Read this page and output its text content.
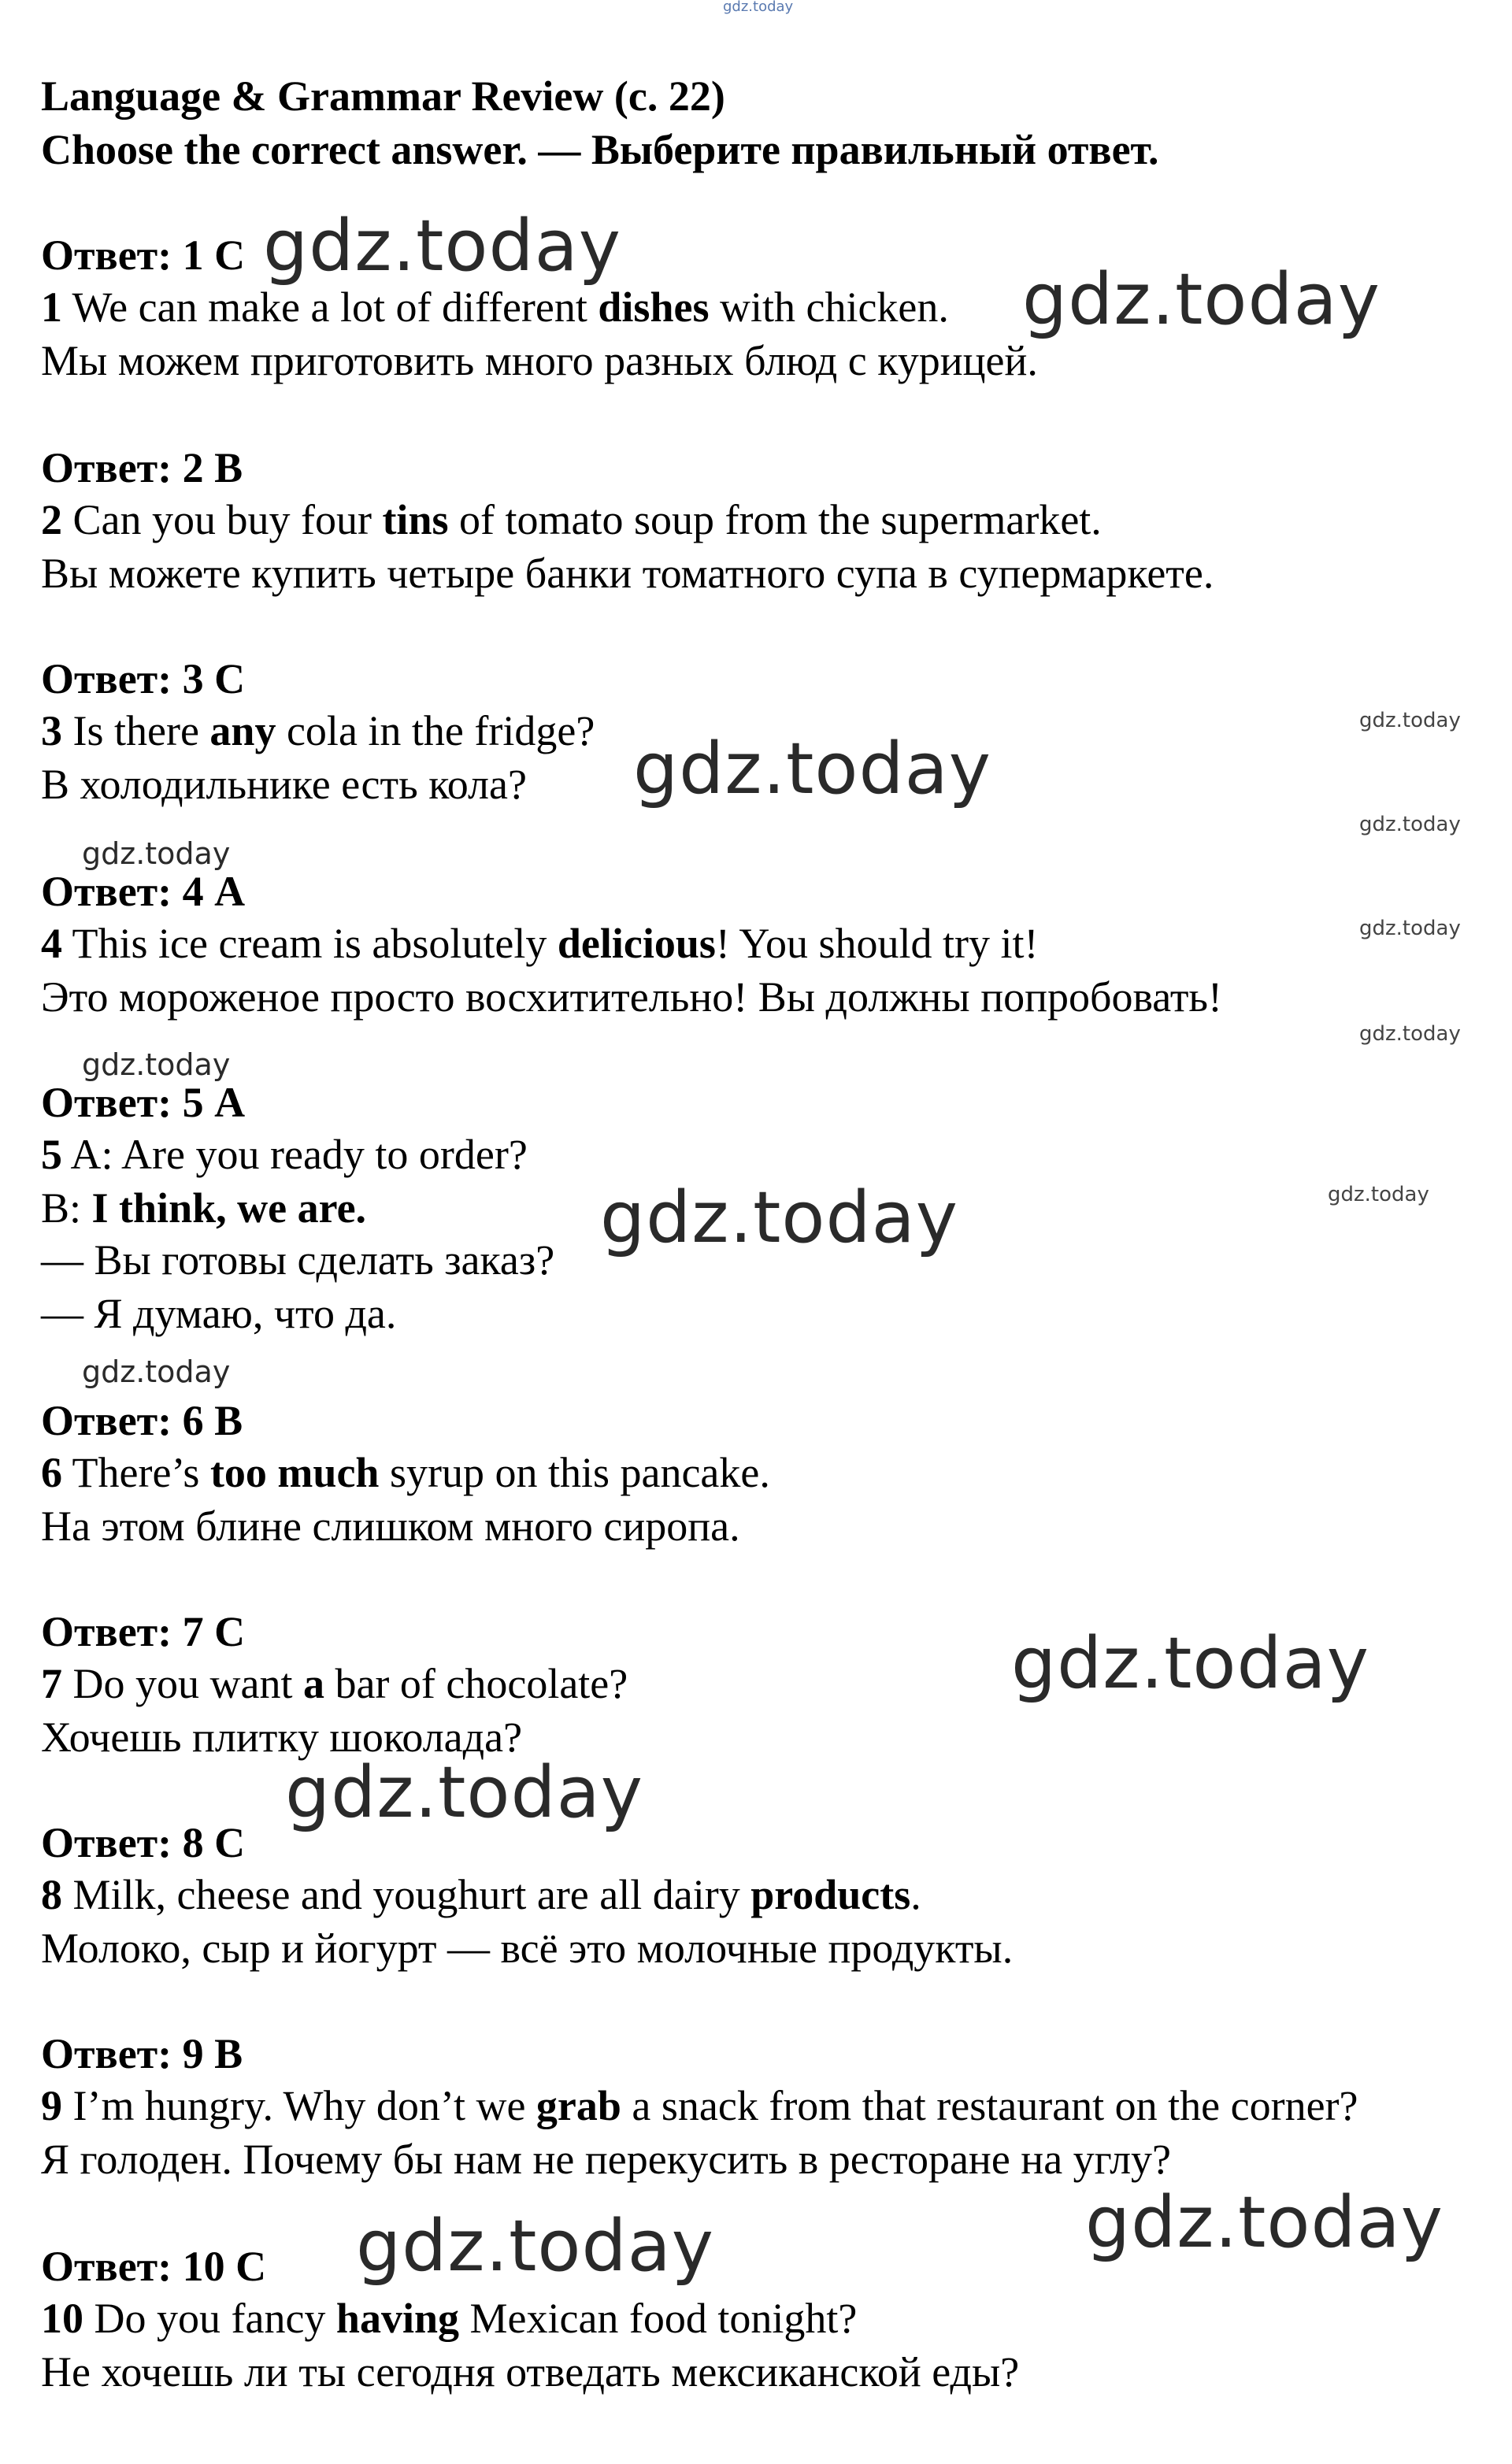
gdz.today
Language & Grammar Review (с. 22)
Choose the correct answer. — Выберите правильный ответ.
Ответ: 1 C gdz.today
1 We can make a lot of different dishes with chicken. gdz.today
Мы можем приготовить много разных блюд с курицей.
Ответ: 2 B
2 Can you buy four tins of tomato soup from the supermarket.
Вы можете купить четыре банки томатного супа в супермаркете.
Ответ: 3 C
gdz.today
3 Is there any cola in the fridge?
В холодильнике есть кола? gdz.today
gdz.today
gdz.today
Ответ: 4 A
gdz.today
4 This ice cream is absolutely delicious! You should try it!
Это мороженое просто восхитительно! Вы должны попробовать!
gdz.today
gdz.today
Ответ: 5 A
5 A: Are you ready to order?
B: I think, we are.	gdz.today
gdz.today
— Вы готовы сделать заказ?
— Я думаю, что да.
gdz.today
Ответ: 6 B
6 There’s too much syrup on this pancake.
На этом блине слишком много сиропа.
Ответ: 7 C	gdz.today
7 Do you want a bar of chocolate?
Хочешь плитку шоколада?
gdz.today
Ответ: 8 C
8 Milk, cheese and youghurt are all dairy products.
Молоко, сыр и йогурт — всё это молочные продукты.
Ответ: 9 B
9 I’m hungry. Why don’t we grab a snack from that restaurant on the corner?
Я голоден. Почему бы нам не перекусить в ресторане на углу?
gdz.today
gdz.today
Ответ: 10 C
10 Do you fancy having Mexican food tonight?
Не хочешь ли ты сегодня отведать мексиканской еды?
